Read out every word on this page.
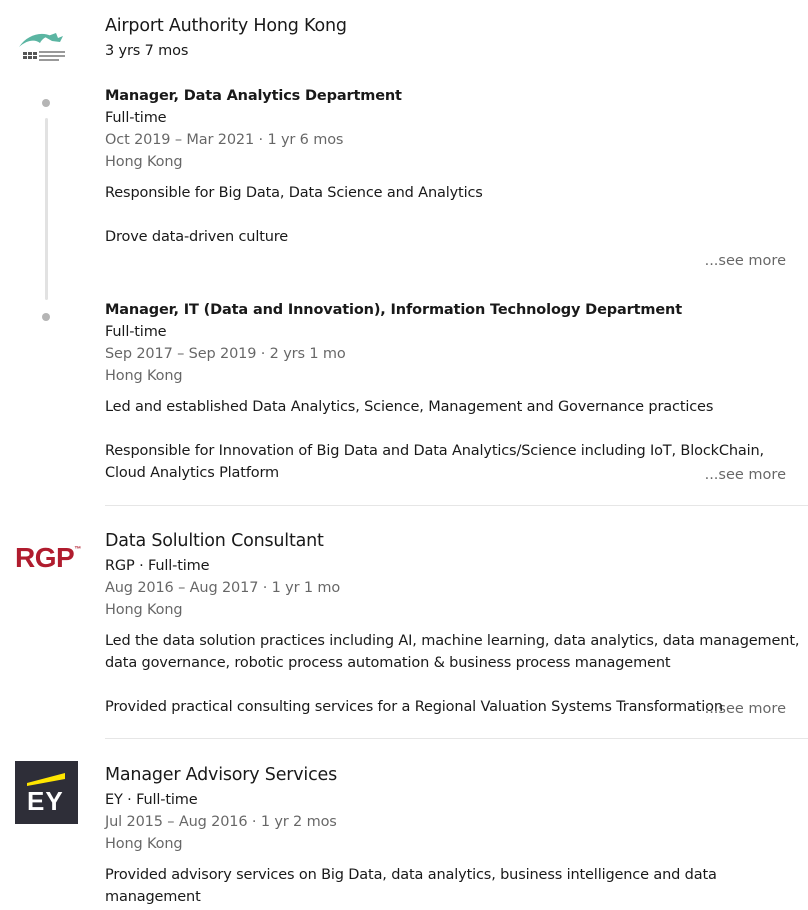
Airport Authority Hong Kong
3 yrs 7 mos
Manager, Data Analytics Department
Full-time
Oct 2019 – Mar 2021 · 1 yr 6 mos
Hong Kong
Responsible for Big Data, Data Science and Analytics
Drove data-driven culture
...see more
Manager, IT (Data and Innovation), Information Technology Department
Full-time
Sep 2017 – Sep 2019 · 2 yrs 1 mo
Hong Kong
Led and established Data Analytics, Science, Management and Governance practices
Responsible for Innovation of Big Data and Data Analytics/Science including IoT, BlockChain,
Cloud Analytics Platform	...see more
RGP™ Data Solultion Consultant
RGP · Full-time
Aug 2016 – Aug 2017 · 1 yr 1 mo
Hong Kong
Led the data solution practices including AI, machine learning, data analytics, data management,
data governance, robotic process automation & business process management
Provided practical consulting services for a Regional Valuation Systems Transformation
...see more
EY
Manager Advisory Services
EY · Full-time
Jul 2015 – Aug 2016 · 1 yr 2 mos
Hong Kong
Provided advisory services on Big Data, data analytics, business intelligence and data
management
